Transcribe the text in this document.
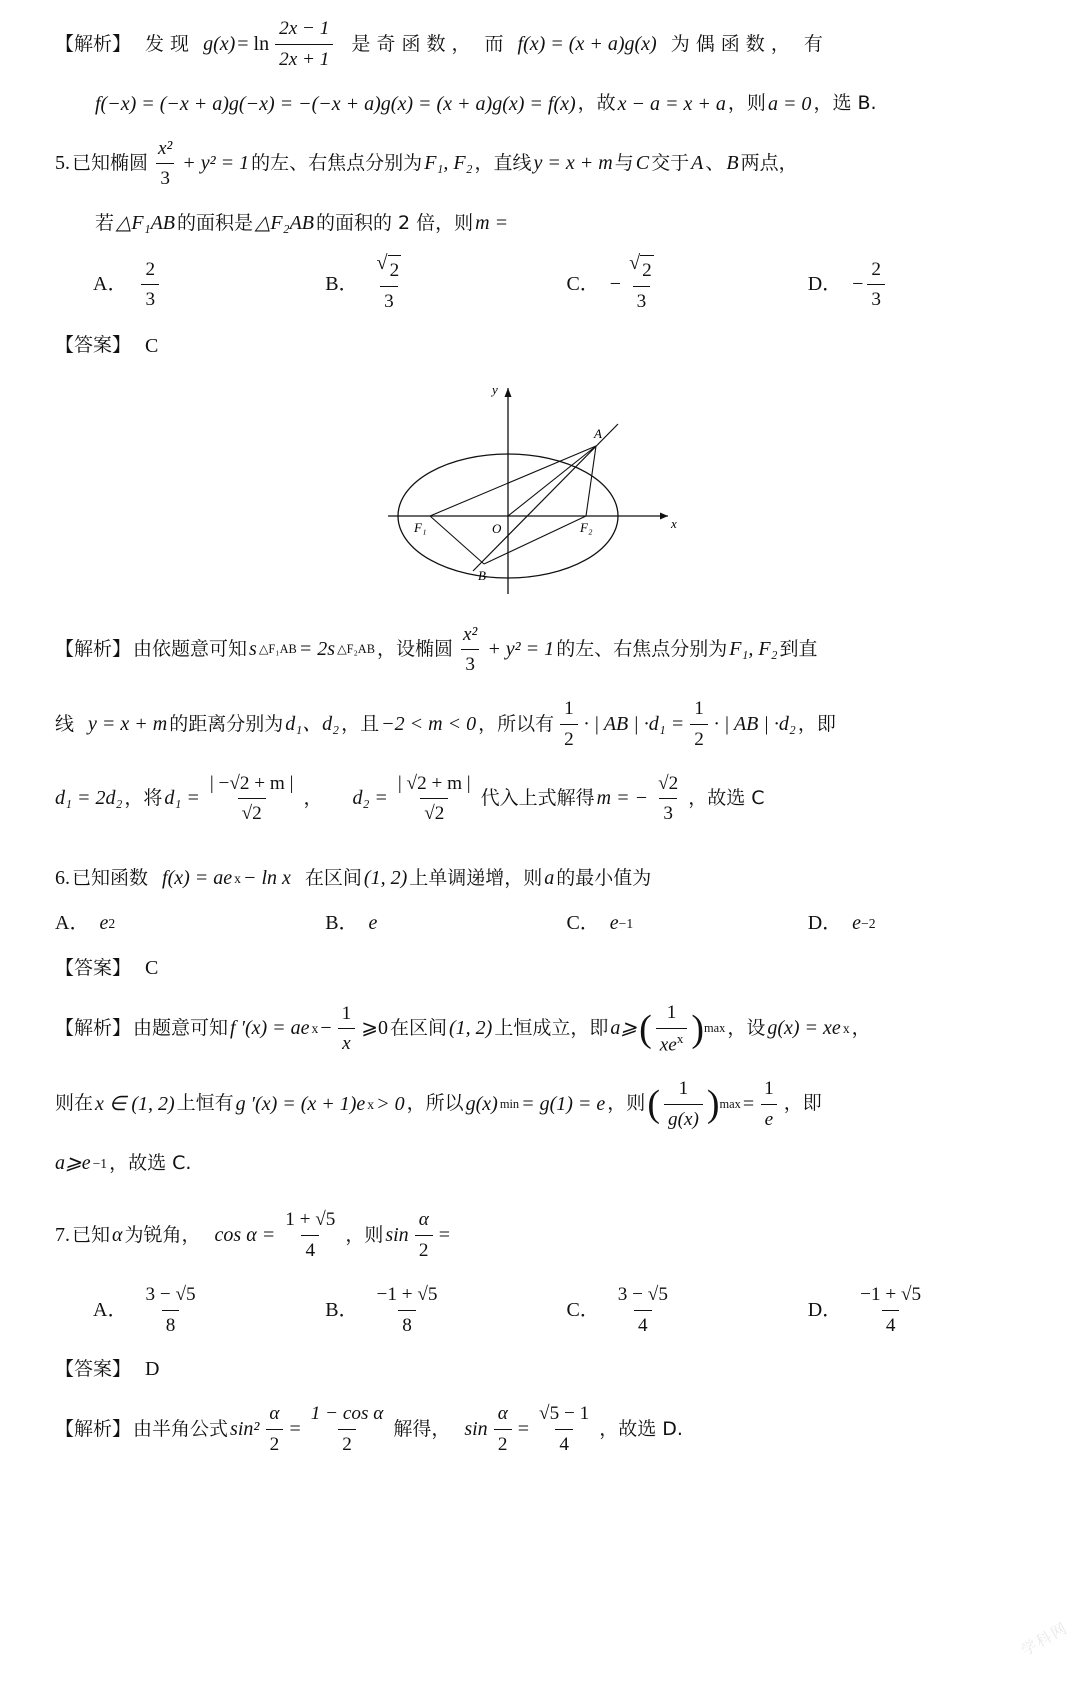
【解析】 发 现 $g(x) = \ln \frac{2x - 1}{2x + 1}$ 是 奇 函 数 ， 而 f(x) = (x + a)g(x) 为 偶 函 数 ， 有
f(−x) = (−x + a)g(−x) = −(−x + a)g(x) = (x + a)g(x) = f(x) ，故 x − a = x + a ，则 a = 0 ，选 B.
5. 已知椭圆 $\frac{\text{x²}}{3} + y^2 = 1$ 的左、右焦点分别为 F₁, F₂ ，直线 y = x + m 与 C 交于 A 、 B 两点，
若 △F₁AB 的面积是 △F₂AB 的面积的 2 倍，则 m =
A． $\frac{2}{3}$	B． $\frac{√ 2}{3}$	C． − $\frac{√ 2}{3}$	D． − $\frac{2}{3}$
【答案】 C
A
B
F₁	F₂
O	x
y
【解析】 由依题意可知 s △F₁AB = 2s △F₂AB ，设椭圆 $\frac{\text{x²}}{3} + y^2 = 1$ 的左、右焦点分别为 F₁, F₂ 到直
线 y = x + m 的距离分别为 d₁、d₂ ，且 −2 < m < 0 ，所以有 $\frac{1}{2}$ · | AB | $\cdot d_1 = \frac{1}{2}$ · | AB | ·d₂ ，即
d₁ = 2d₂ ，将 $d_1 = \frac{| -√2 + m |}{√2}$ ， $d_2 = \frac{| √2 + m |}{√2}$ 代入上式解得 m = − $\frac{√2}{3}$ ，故选 C
6. 已知函数 f(x) = ae x − ln x 在区间 (1, 2) 上单调递增，则 a 的最小值为
A． e 2	B． e	C． e −1	D． e −2
【答案】 C
【解析】 由题意可知 f ′(x) = ae $x - \frac{1}{x}$ ⩾0 在区间 (1, 2) 上恒成立，即 a⩾ ( $\frac{1}{xe^x}$ ) max ，设 g(x) = xe x ，
则在 x ∈ (1, 2) 上恒有 g ′(x) = (x + 1)e x > 0 ，所以 g(x) min = g(1) = e ，则 ( $\frac{1}{g(x)}$ ) $\max = \frac{1}{e}$ ，即
a⩾e −1 ，故选 C.
7. 已知 α 为锐角， $\cos \alpha = \frac{1 + √5}{4}$ ，则 $\sin \frac{\alpha}{2}$ =
A． $\frac{3 - √5}{8}$	B． $\frac{-1 + √5}{8}$	C． $\frac{3 - √5}{4}$	D． $\frac{-1 + √5}{4}$
【答案】 D
【解析】 由半角公式 $\sin^2 \frac{\alpha}{2} = \frac{\text{1 − cos α}}{2}$ 解得， $\sin \frac{\alpha}{2} = \frac{√5 - 1}{4}$ ，故选 D.
学科网
